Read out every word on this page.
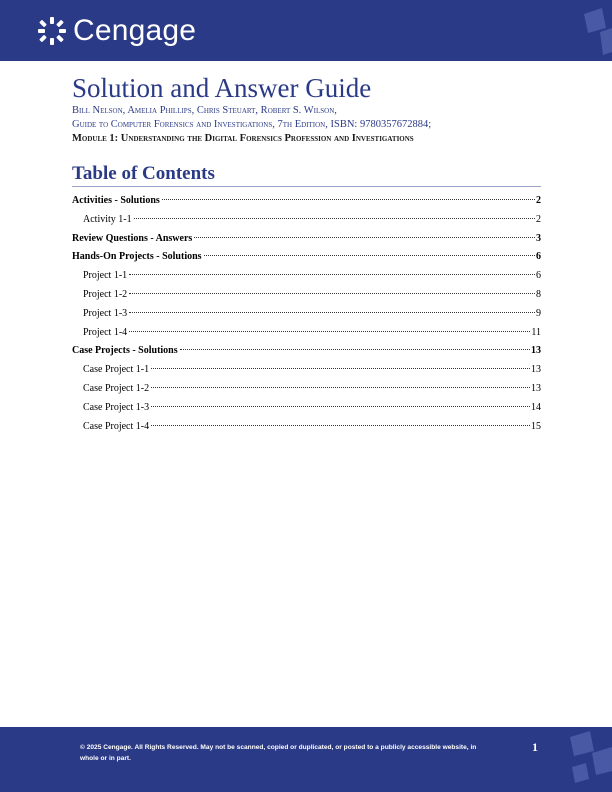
Cengage
Solution and Answer Guide
Bill Nelson, Amelia Phillips, Chris Steuart, Robert S. Wilson,
Guide to Computer Forensics and Investigations, 7th Edition, ISBN: 9780357672884;
Module 1: Understanding the Digital Forensics Profession and Investigations
Table of Contents
Activities - Solutions	2
Activity 1-1	2
Review Questions - Answers	3
Hands-On Projects - Solutions	6
Project 1-1	6
Project 1-2	8
Project 1-3	9
Project 1-4	11
Case Projects - Solutions	13
Case Project 1-1	13
Case Project 1-2	13
Case Project 1-3	14
Case Project 1-4	15
© 2025 Cengage. All Rights Reserved. May not be scanned, copied or duplicated, or posted to a publicly accessible website, in whole or in part.
1
